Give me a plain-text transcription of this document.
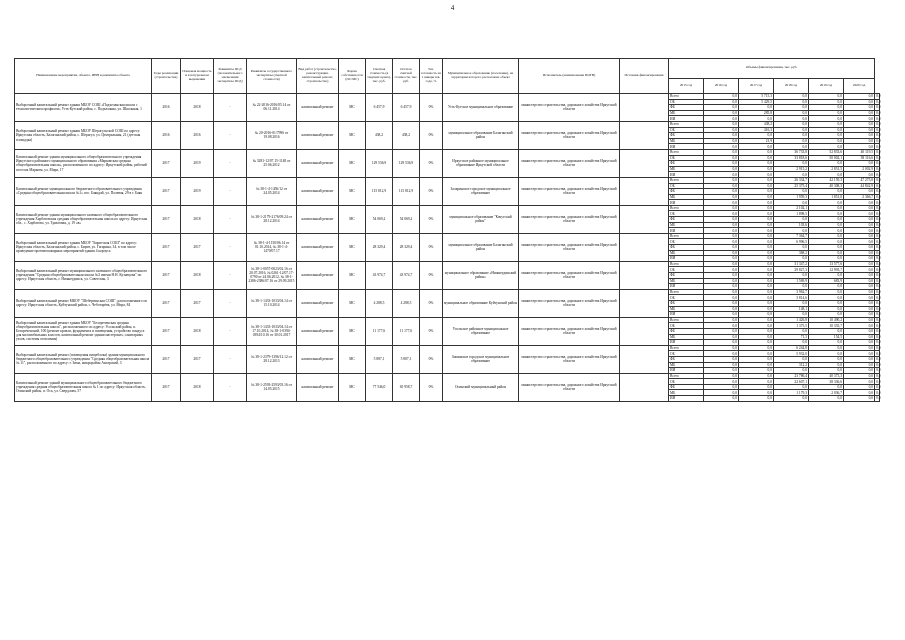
4
Наименование мероприятия, объекта, ИНН и реквизиты объекта	Годы реализации (строительства)	Плановая мощность и в натуральном выражении	Реквизиты ПСД (положительного заключения экспертизы ПСД)	Реквизиты государственного экспертизы (сметной стоимости)	Вид работ (строительство, реконструкция, капитальный ремонт, строительство)	Форма собственности (ОС/МС)	Сметная стоимость (в текущих ценах), тыс. руб.	Остаток сметной стоимости, тыс. руб.	Тех. готовность на 1 января тек. года, %	Муниципальное образование (поселение), на территории которого расположен объект	Исполнитель (наименование ИОГВ)	Источник финансирования	Объемы финансирования, тыс. руб.						
													2015 год	2016 год	2017 год	2018 год	2019 год	2020 год	
Выборочный капитальный ремонт здания МБОУ СОШ «Подъеланская школа с технологическим профилем» Усть-Кутский район, с. Подъеланка, ул. Школьная, 1	2016	2018	-	№ 22-2016-2016/05.14 от 06.11.2014	капитальный ремонт	МС	6 457,9	6 457,9	0%	Усть-Кутское муниципальное образование	министерство строительства, дорожного хозяйства Иркутской области		Всего	0,0	5 715,3	0,0	0,0	0,0	0,0
													ОБ	0,0	5 429,5	0,0	0,0	0,0	0,0
													ФБ	0,0	0,0	0,0	0,0	0,0	0,0
													МБ	0,0	285,8	0,0	0,0	0,0	0,0
													ИИ	0,0	0,0	0,0	0,0	0,0	0,0
Выборочный капитальный ремонт здания МБОУ Шерагульской СОШ по адресу: Иркутская область, Балаганский район, с. Шерагул, ул. Центральная, 21 (детская площадка)	2016	2016	-	№ 20-2016-01/7996 от 19.08.2016	капитальный ремонт	МС	438,2	438,2	0%	муниципальное образование Балаганский район	министерство строительства, дорожного хозяйства Иркутской области		Всего	0,0	438,2	0,0	0,0	0,0	0,0
													ОБ	0,0	416,3	0,0	0,0	0,0	0,0
													ФБ	0,0	0,0	0,0	0,0	0,0	0,0
													МБ	0,0	21,9	0,0	0,0	0,0	0,0
													ИИ	0,0	0,0	0,0	0,0	0,0	0,0
Капитальный ремонт здания муниципального общеобразовательного учреждения Иркутского районного муниципального образования «Марковская средняя общеобразовательная школа», расположенного по адресу: Иркутский район, рабочий поселок Маркова, ул. Мира, 17	2017	2019	-	№ 3281-12/07.15-1148 от 25.06.2012	капитальный ремонт	МС	129 536,9	129 536,9	0%	Иркутское районное муниципальное образование Иркутской области	министерство строительства, дорожного хозяйства Иркутской области		Всего	0,0	0,0	36 733,8	52 833,6	40 119,5	0,0
													ОБ	0,0	0,0	33 818,6	50 002,1	38 116,6	0,0
													ФБ	0,0	0,0	0,0	0,0	0,0	0,0
													МБ	0,0	0,0	2 915,2	2 831,5	2 002,9	0,0
													ИИ	0,0	0,0	0,0	0,0	0,0	0,0
Капитальный ремонт муниципального бюджетного образовательного учреждения «Средняя общеобразовательная школа №1» пос. Баяндай, ул. Полевая, 29 в г. Баян	2017	2019	-	№ 38-1-4-1456/12 от 24.05.2014	капитальный ремонт	МС	115 812,9	115 812,9	0%	Заларинское городское муниципальное образование	министерство строительства, дорожного хозяйства Иркутской области		Всего	0,0	0,0	26 334,7	42 159,3	47 275,8	0,0
													ОБ	0,0	0,0	25 375,4	40 308,3	44 842,9	0,0
													ФБ	0,0	0,0	0,0	0,0	0,0	0,0
													МБ	0,0	0,0	1 959,3	1 851,0	2 366,7	0,0
													ИИ	0,0	0,0	0,0	0,0	0,0	0,0
Капитальный ремонт здания муниципального казенного общеобразовательного учреждения Харбатовская средняя общеобразовательная школа по адресу: Иркутская обл., с. Харбатово, ул. Трактовая, д. 19 «в»	2017	2018	-	№ 38-1-2179-2176/09.24 от 28.12.2014	капитальный ремонт	МС	54 069,2	54 069,2	0%	муниципальное образование "Качугский район"	министерство строительства, дорожного хозяйства Иркутской области		Всего	0,0	0,0	2 102,1	0,0	0,0	0,0
													ОБ	0,0	0,0	1 898,5	0,0	0,0	0,0
													ФБ	0,0	0,0	0,0	0,0	0,0	0,0
													МБ	0,0	0,0	103,6	0,0	0,0	0,0
													ИИ	0,0	0,0	0,0	0,0	0,0	0,0
Выборочный капитальный ремонт здания МБОУ "Биритская СОШ" по адресу: Иркутская область, Балаганский район, с. Бирит, ул. Гагарина, 34, в том числе проведение противопожарных мероприятий здания 4 корпуса	2017	2017	-	№ 38-1-4-1150/06.14 от 01.10.2014, № 38-1-4-1470/07.17	капитальный ремонт	МС	28 329,4	28 329,4	0%	муниципальное образование Балаганский район	министерство строительства, дорожного хозяйства Иркутской области		Всего	0,0	0,0	7 364,7	0,0	0,0	0,0
													ОБ	0,0	0,0	6 996,5	0,0	0,0	0,0
													ФБ	0,0	0,0	0,0	0,0	0,0	0,0
													МБ	0,0	0,0	368,2	0,0	0,0	0,0
													ИИ	0,0	0,0	0,0	0,0	0,0	0,0
Выборочный капитальный ремонт муниципального казенного общеобразовательного учреждения "Средняя общеобразовательная школа №3 имени Н.Н. Кузнецова" по адресу: Иркутская область, г. Нижнеудинск, ул. Советская, 3	2017	2018	-	№ 38-1-0057-0023/02.16 от 20.07.2016, № 0261-12/07.17-0790 от 24.06.2012, № 38-1-2386-2386/07.16 от 29.09.2015	капитальный ремонт	МС	43 974,7	43 974,7	0%	муниципальное образование «Нижнеудинский район»	министерство строительства, дорожного хозяйства Иркутской области		Всего	0,0	0,0	31 347,2	13 577,6	0,0	0,0
													ОБ	0,0	0,0	29 827,3	12 993,7	0,0	0,0
													ФБ	0,0	0,0	0,0	0,0	0,0	0,0
													МБ	0,0	0,0	1 569,9	683,9	0,0	0,0
													ИИ	0,0	0,0	0,0	0,0	0,0	0,0
Выборочный капитальный ремонт МКОУ "Шебертинская СОШ", расположенного по адресу: Иркутская область, Куйтунский район, с. Чеботарёва, ул. Мира, 84	2017	2017	-	№ 38-1-1433-1033/04.14 от 15.10.2014	капитальный ремонт	МС	4 288,5	4 288,5	0%	муниципальное образование Куйтунский район	министерство строительства, дорожного хозяйства Иркутской области		Всего	0,0	0,0	3 962,7	0,0	0,0	0,0
													ОБ	0,0	0,0	3 814,6	0,0	0,0	0,0
													ФБ	0,0	0,0	0,0	0,0	0,0	0,0
													МБ	0,0	0,0	148,1	0,0	0,0	0,0
													ИИ	0,0	0,0	0,0	0,0	0,0	0,0
Выборочный капитальный ремонт здания МБОУ "Белореченская средняя общеобразовательная школа", расположенного по адресу: Усольский район, п. Белореченский, 100 (ремонт кровли, фундамента и помещения, устройство пандуса для маломобильных классов, капитальный ремонт здания мастерских, санитарных узлов, системы отопления)	2017	2018	-	№ 38-1-1433-1033/04.14 от 17.10.2014, № 38-1-0394-0394/10.16 от 30.01.2017	капитальный ремонт	МС	11 177,6	11 177,6	0%	Усольское районное муниципальное образование	министерство строительства, дорожного хозяйства Иркутской области		Всего	0,0	0,0	1 426,8	10 490,2	0,0	0,0
													ОБ	0,0	0,0	1 375,5	10 335,7	0,0	0,0
													ФБ	0,0	0,0	0,0	0,0	0,0	0,0
													МБ	0,0	0,0	71,3	154,5	0,0	0,0
													ИИ	0,0	0,0	0,0	0,0	0,0	0,0
Выборочный капитальный ремонт (помещения пищеблока) здания муниципального бюджетного общеобразовательного учреждения "Средняя общеобразовательная школа № 11", расположенного по адресу: г. Зима, микрорайон Ангарский, 3	2017	2017	-	№ 38-1-2379-1396/12.12 от 28.12.2013	капитальный ремонт	МС	5 887,1	5 887,1	0%	Зиминское городское муниципальное образование	министерство строительства, дорожного хозяйства Иркутской области		Всего	0,0	0,0	6 244,8	0,0	0,0	0,0
													ОБ	0,0	0,0	5 932,0	0,0	0,0	0,0
													ФБ	0,0	0,0	0,0	0,0	0,0	0,0
													МБ	0,0	0,0	312,2	0,0	0,0	0,0
													ИИ	0,0	0,0	0,0	0,0	0,0	0,0
Капитальный ремонт зданий муниципального общеобразовательного бюджетного учреждения средняя общеобразовательная школа № 1 по адресу: Иркутская область, Осинский район, п. Оса, ул. Свердлова, 57	2017	2018	-	№ 38-1-2593-2593/03.16 от 14.05.2015	капитальный ремонт	МС	77 546,0	65 958,7	0%	Осинский муниципальный район	министерство строительства, дорожного хозяйства Иркутской области		Всего	0,0	0,0	23 786,4	40 373,3	0,0	0,0
													ОБ	0,0	0,0	22 607,1	38 336,6	0,0	0,0
													ФБ	0,0	0,0	0,0	0,0	0,0	0,0
													МБ	0,0	0,0	1 179,3	2 036,7	0,0	0,0
													ИИ	0,0	0,0	0,0	0,0	0,0	0,0
